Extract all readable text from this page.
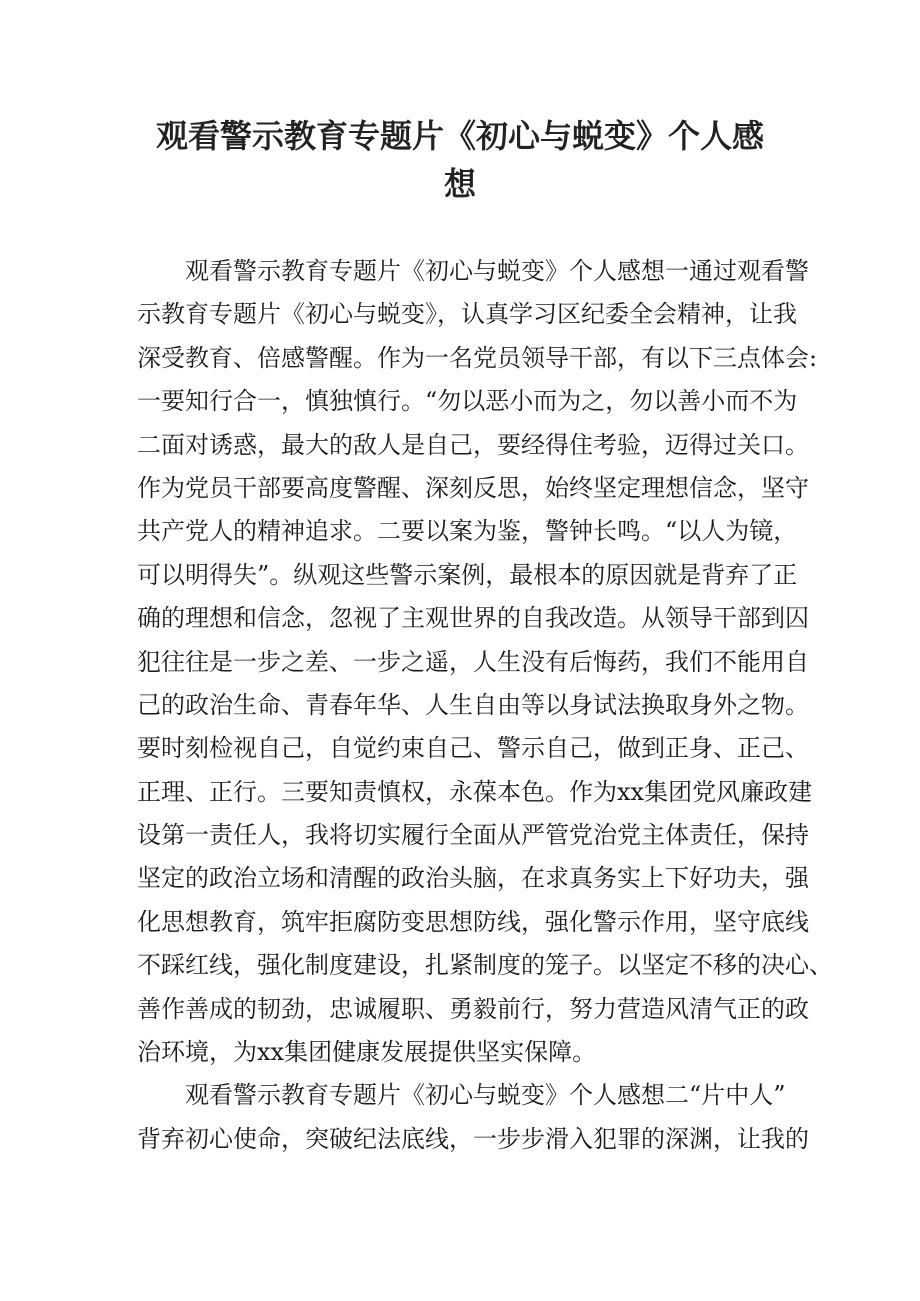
观看警示教育专题片《初心与蜕变》个人感
想
观看警示教育专题片《初心与蜕变》个人感想一通过观看警
示教育专题片《初心与蜕变》，认真学习区纪委全会精神，让我
深受教育、倍感警醒。作为一名党员领导干部，有以下三点体会:
一要知行合一，慎独慎行。“勿以恶小而为之，勿以善小而不为
二面对诱惑，最大的敌人是自己，要经得住考验，迈得过关口。
作为党员干部要高度警醒、深刻反思，始终坚定理想信念，坚守
共产党人的精神追求。二要以案为鉴，警钟长鸣。“以人为镜，
可以明得失”。纵观这些警示案例，最根本的原因就是背弃了正
确的理想和信念，忽视了主观世界的自我改造。从领导干部到囚
犯往往是一步之差、一步之遥，人生没有后悔药，我们不能用自
己的政治生命、青春年华、人生自由等以身试法换取身外之物。
要时刻检视自己，自觉约束自己、警示自己，做到正身、正己、
正理、正行。三要知责慎权，永葆本色。作为xx集团党风廉政建
设第一责任人，我将切实履行全面从严管党治党主体责任，保持
坚定的政治立场和清醒的政治头脑，在求真务实上下好功夫，强
化思想教育，筑牢拒腐防变思想防线，强化警示作用，坚守底线
不踩红线，强化制度建设，扎紧制度的笼子。以坚定不移的决心、
善作善成的韧劲，忠诚履职、勇毅前行，努力营造风清气正的政
治环境，为xx集团健康发展提供坚实保障。
观看警示教育专题片《初心与蜕变》个人感想二“片中人”
背弃初心使命，突破纪法底线，一步步滑入犯罪的深渊，让我的
